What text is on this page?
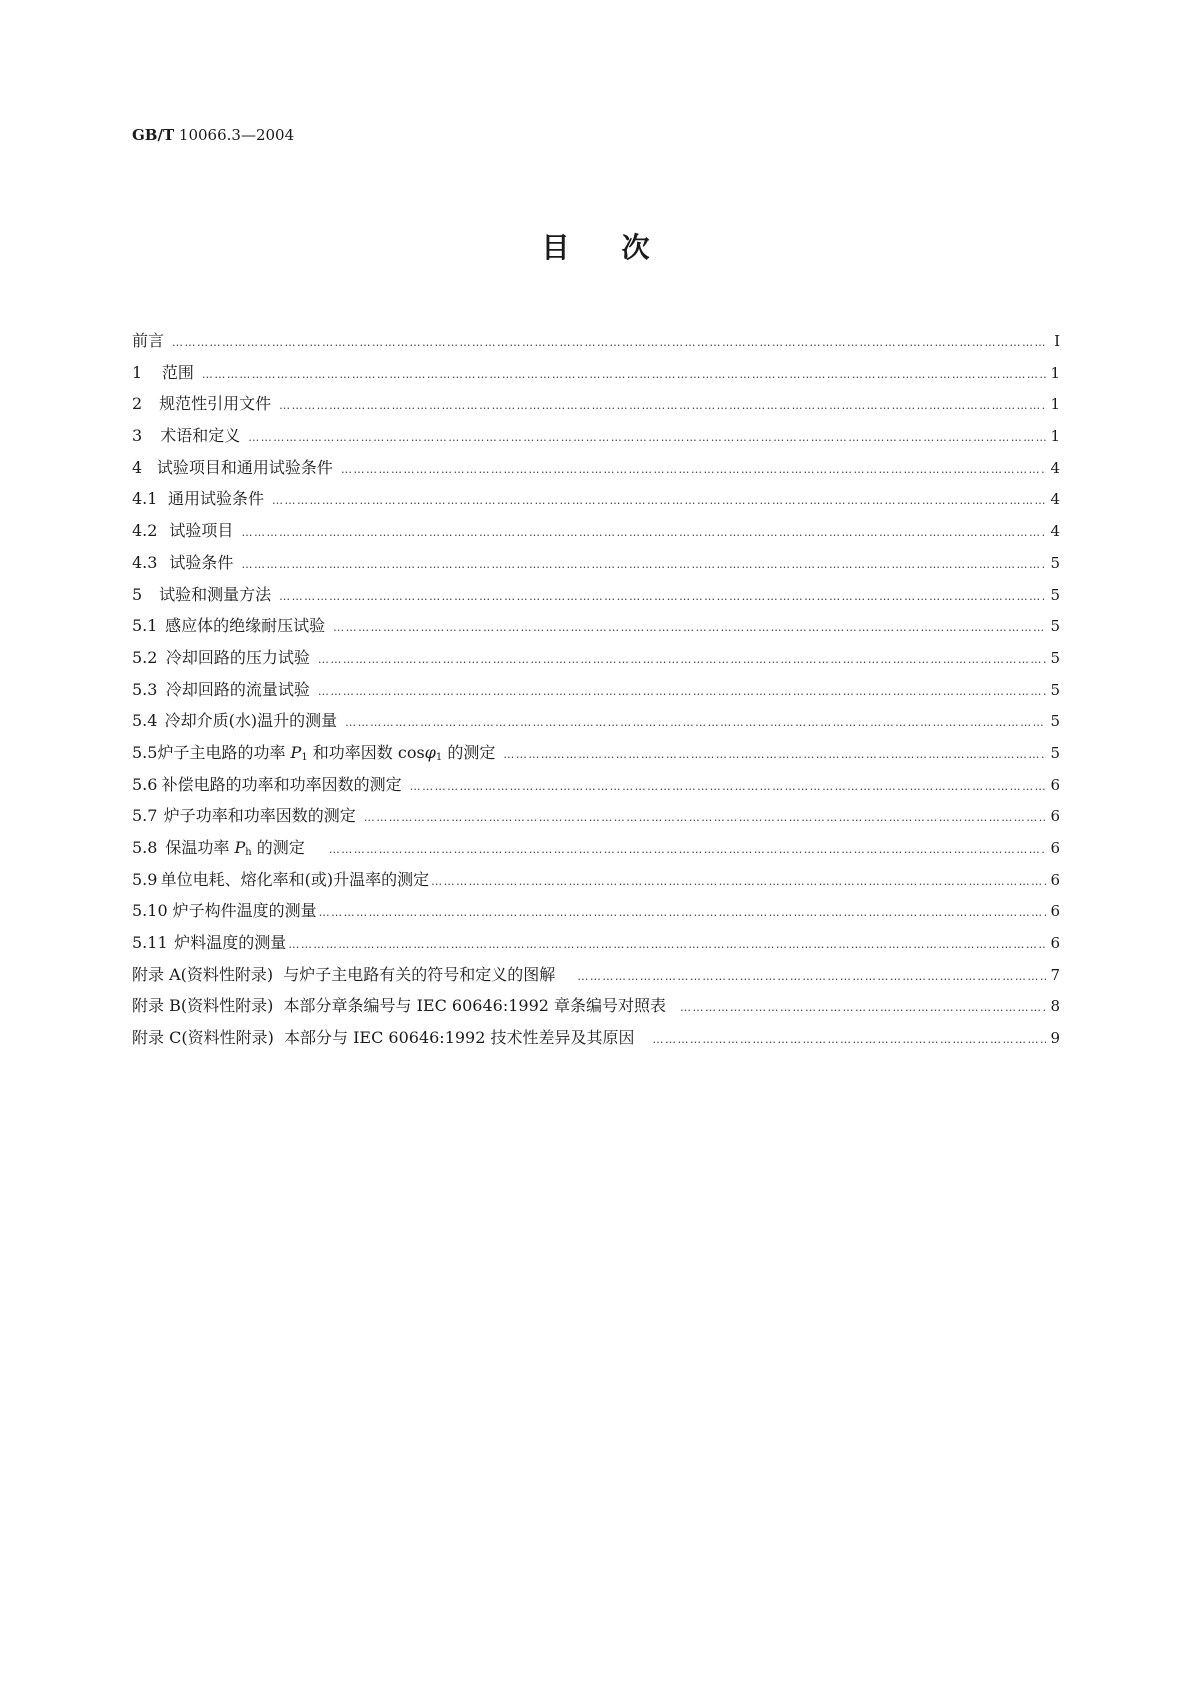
GB/T 10066.3—2004
目次
前言 ……………………………………………………………………………………………………………………………………………………………………………………………………………………………………	I
1	范围 ……………………………………………………………………………………………………………………………………………………………………………………………………………………………………	1
2	规范性引用文件 ……………………………………………………………………………………………………………………………………………………………………………………………………………………………………	1
3	术语和定义 ……………………………………………………………………………………………………………………………………………………………………………………………………………………………………	1
4 试验项目和通用试验条件 ……………………………………………………………………………………………………………………………………………………………………………………………………………………………………	4
4.1 通用试验条件 ……………………………………………………………………………………………………………………………………………………………………………………………………………………………………	4
4.2 试验项目 ……………………………………………………………………………………………………………………………………………………………………………………………………………………………………	4
4.3 试验条件 ……………………………………………………………………………………………………………………………………………………………………………………………………………………………………	5
5	试验和测量方法 ……………………………………………………………………………………………………………………………………………………………………………………………………………………………………	5
5.1 感应体的绝缘耐压试验 ……………………………………………………………………………………………………………………………………………………………………………………………………………………………………	5
5.2 冷却回路的压力试验 ……………………………………………………………………………………………………………………………………………………………………………………………………………………………………	5
5.3 冷却回路的流量试验 ……………………………………………………………………………………………………………………………………………………………………………………………………………………………………	5
5.4 冷却介质(水)温升的测量 ……………………………………………………………………………………………………………………………………………………………………………………………………………………………………	5
5.5 炉子主电路的功率 $P_1$ 和功率因数 cosφ$_1$ 的测定 ……………………………………………………………………………………………………………………………………………………………………………………………………………………………………	5
5.6 补偿电路的功率和功率因数的测定 ……………………………………………………………………………………………………………………………………………………………………………………………………………………………………	6
5.7 炉子功率和功率因数的测定 ……………………………………………………………………………………………………………………………………………………………………………………………………………………………………	6
5.8 保温功率 $P_h$ 的测定 ……………………………………………………………………………………………………………………………………………………………………………………………………………………………………	6
5.9 单位电耗、熔化率和(或)升温率的测定 ……………………………………………………………………………………………………………………………………………………………………………………………………………………………………	6
5.10 炉子构件温度的测量 ……………………………………………………………………………………………………………………………………………………………………………………………………………………………………	6
5.11 炉料温度的测量 ……………………………………………………………………………………………………………………………………………………………………………………………………………………………………	6
附录 A(资料性附录)  与炉子主电路有关的符号和定义的图解 ……………………………………………………………………………………………………………………………………………………………………………………………………………………………………	7
附录 B(资料性附录)  本部分章条编号与 IEC 60646:1992 章条编号对照表 ……………………………………………………………………………………………………………………………………………………………………………………………………………………………………	8
附录 C(资料性附录)  本部分与 IEC 60646:1992 技术性差异及其原因 ……………………………………………………………………………………………………………………………………………………………………………………………………………………………………	9
